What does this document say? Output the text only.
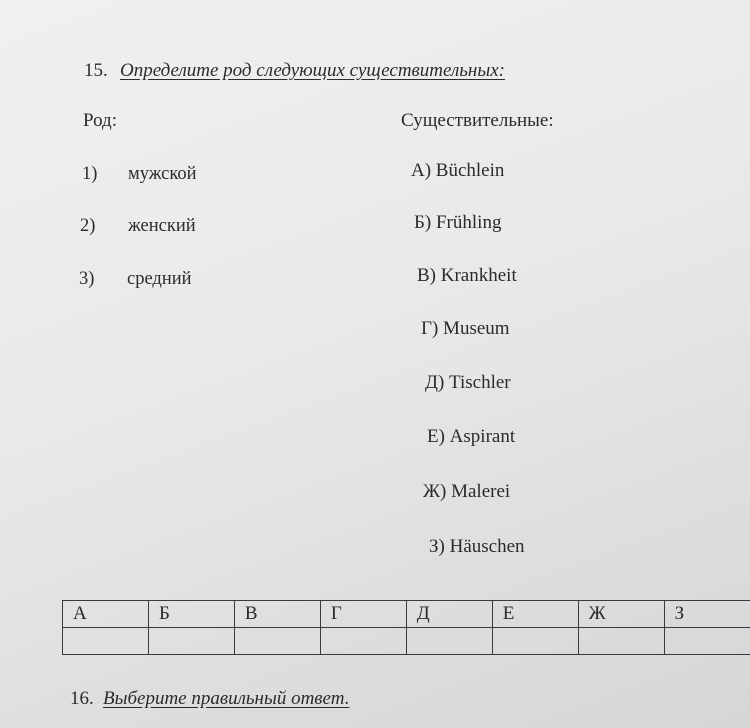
15. Определите род следующих существительных:
Род:	Существительные:
1) мужской
2) женский
3) средний
А) Büchlein
Б) Frühling
В) Krankheit
Г) Museum
Д) Tischler
Е) Aspirant
Ж) Malerei
З) Häuschen
А	Б	В	Г	Д	Е	Ж	З

16. Выберите правильный ответ.
